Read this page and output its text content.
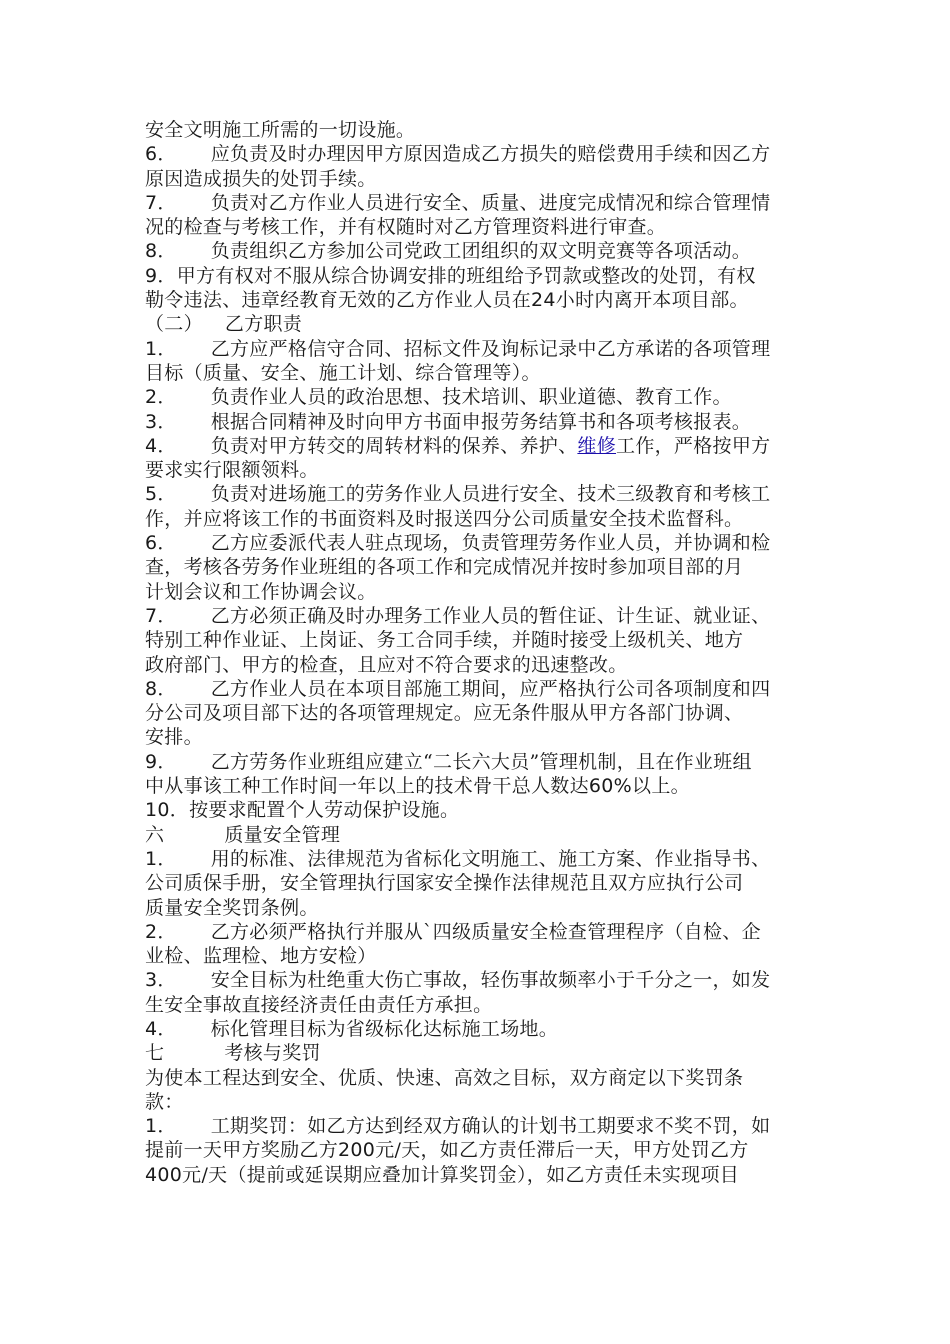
安全文明施工所需的一切设施。
6． 应负责及时办理因甲方原因造成乙方损失的赔偿费用手续和因乙方
原因造成损失的处罚手续。
7． 负责对乙方作业人员进行安全、质量、进度完成情况和综合管理情
况的检查与考核工作，并有权随时对乙方管理资料进行审查。
8． 负责组织乙方参加公司党政工团组织的双文明竞赛等各项活动。
9．甲方有权对不服从综合协调安排的班组给予罚款或整改的处罚，有权
勒令违法、违章经教育无效的乙方作业人员在24小时内离开本项目部。
（二） 乙方职责
1． 乙方应严格信守合同、招标文件及询标记录中乙方承诺的各项管理
目标（质量、安全、施工计划、综合管理等）。
2． 负责作业人员的政治思想、技术培训、职业道德、教育工作。
3． 根据合同精神及时向甲方书面申报劳务结算书和各项考核报表。
4． 负责对甲方转交的周转材料的保养、养护、维修工作，严格按甲方
要求实行限额领料。
5． 负责对进场施工的劳务作业人员进行安全、技术三级教育和考核工
作，并应将该工作的书面资料及时报送四分公司质量安全技术监督科。
6． 乙方应委派代表人驻点现场，负责管理劳务作业人员，并协调和检
查，考核各劳务作业班组的各项工作和完成情况并按时参加项目部的月
计划会议和工作协调会议。
7． 乙方必须正确及时办理务工作业人员的暂住证、计生证、就业证、
特别工种作业证、上岗证、务工合同手续，并随时接受上级机关、地方
政府部门、甲方的检查，且应对不符合要求的迅速整改。
8． 乙方作业人员在本项目部施工期间，应严格执行公司各项制度和四
分公司及项目部下达的各项管理规定。应无条件服从甲方各部门协调、
安排。
9． 乙方劳务作业班组应建立“二长六大员”管理机制，且在作业班组
中从事该工种工作时间一年以上的技术骨干总人数达60%以上。
10．按要求配置个人劳动保护设施。
六	质量安全管理
1． 用的标准、法律规范为省标化文明施工、施工方案、作业指导书、
公司质保手册，安全管理执行国家安全操作法律规范且双方应执行公司
质量安全奖罚条例。
2． 乙方必须严格执行并服从`四级质量安全检查管理程序（自检、企
业检、监理检、地方安检）
3． 安全目标为杜绝重大伤亡事故，轻伤事故频率小于千分之一，如发
生安全事故直接经济责任由责任方承担。
4． 标化管理目标为省级标化达标施工场地。
七	考核与奖罚
为使本工程达到安全、优质、快速、高效之目标，双方商定以下奖罚条
款：
1． 工期奖罚：如乙方达到经双方确认的计划书工期要求不奖不罚，如
提前一天甲方奖励乙方200元/天，如乙方责任滞后一天，甲方处罚乙方
400元/天（提前或延误期应叠加计算奖罚金），如乙方责任未实现项目
